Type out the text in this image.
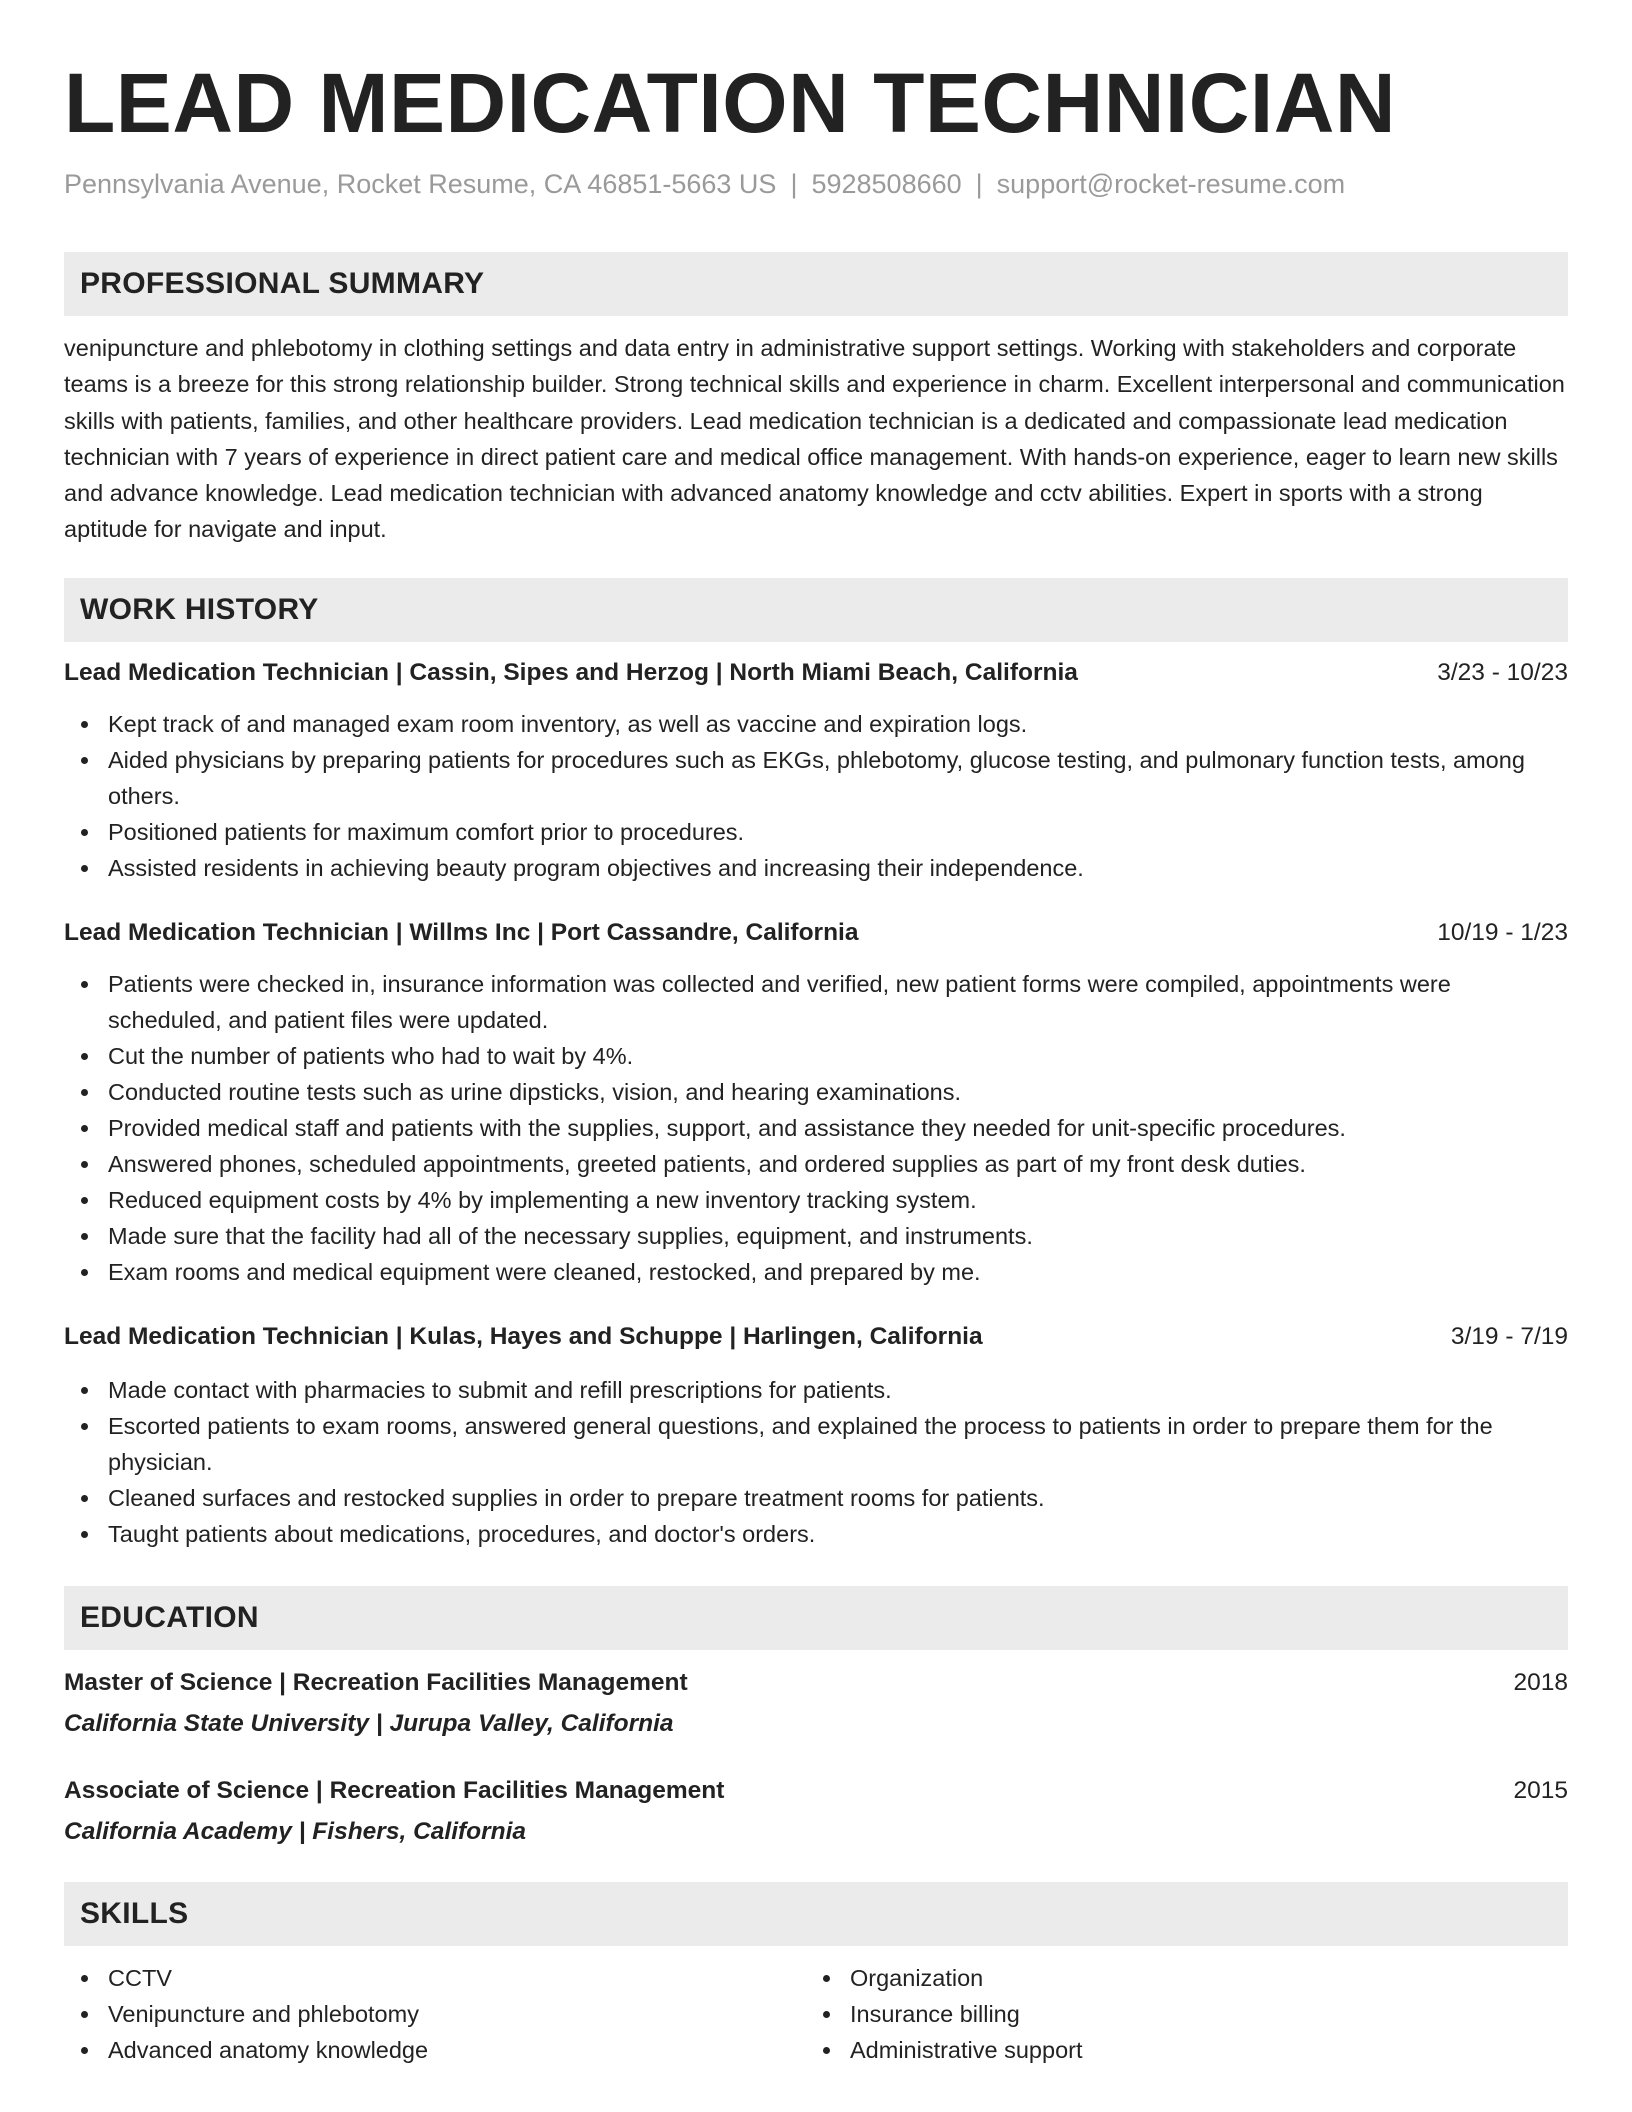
LEAD MEDICATION TECHNICIAN
Pennsylvania Avenue, Rocket Resume, CA 46851-5663 US | 5928508660 | support@rocket-resume.com
PROFESSIONAL SUMMARY
venipuncture and phlebotomy in clothing settings and data entry in administrative support settings. Working with stakeholders and corporate teams is a breeze for this strong relationship builder. Strong technical skills and experience in charm. Excellent interpersonal and communication skills with patients, families, and other healthcare providers. Lead medication technician is a dedicated and compassionate lead medication technician with 7 years of experience in direct patient care and medical office management. With hands-on experience, eager to learn new skills and advance knowledge. Lead medication technician with advanced anatomy knowledge and cctv abilities. Expert in sports with a strong aptitude for navigate and input.
WORK HISTORY
Lead Medication Technician | Cassin, Sipes and Herzog | North Miami Beach, California	3/23 - 10/23
Kept track of and managed exam room inventory, as well as vaccine and expiration logs.
Aided physicians by preparing patients for procedures such as EKGs, phlebotomy, glucose testing, and pulmonary function tests, among others.
Positioned patients for maximum comfort prior to procedures.
Assisted residents in achieving beauty program objectives and increasing their independence.
Lead Medication Technician | Willms Inc | Port Cassandre, California	10/19 - 1/23
Patients were checked in, insurance information was collected and verified, new patient forms were compiled, appointments were scheduled, and patient files were updated.
Cut the number of patients who had to wait by 4%.
Conducted routine tests such as urine dipsticks, vision, and hearing examinations.
Provided medical staff and patients with the supplies, support, and assistance they needed for unit-specific procedures.
Answered phones, scheduled appointments, greeted patients, and ordered supplies as part of my front desk duties.
Reduced equipment costs by 4% by implementing a new inventory tracking system.
Made sure that the facility had all of the necessary supplies, equipment, and instruments.
Exam rooms and medical equipment were cleaned, restocked, and prepared by me.
Lead Medication Technician | Kulas, Hayes and Schuppe | Harlingen, California	3/19 - 7/19
Made contact with pharmacies to submit and refill prescriptions for patients.
Escorted patients to exam rooms, answered general questions, and explained the process to patients in order to prepare them for the physician.
Cleaned surfaces and restocked supplies in order to prepare treatment rooms for patients.
Taught patients about medications, procedures, and doctor's orders.
EDUCATION
Master of Science | Recreation Facilities Management	2018
California State University | Jurupa Valley, California
Associate of Science | Recreation Facilities Management	2015
California Academy | Fishers, California
SKILLS
CCTV
Venipuncture and phlebotomy
Advanced anatomy knowledge
Organization
Insurance billing
Administrative support
